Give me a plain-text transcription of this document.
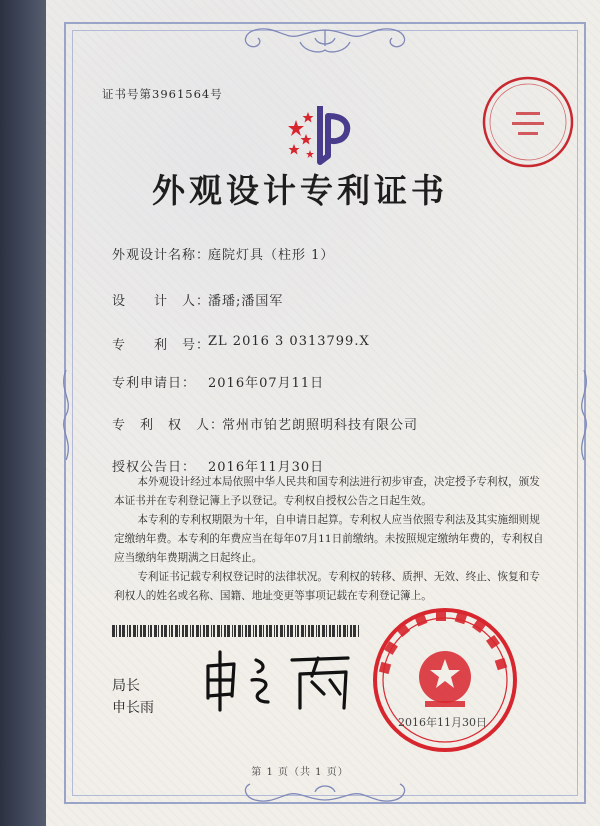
证书号第3961564号
外观设计专利证书
外观设计名称：
庭院灯具（柱形 1）
设　　计　人：
潘璠;潘国军
专　　利　号：
ZL 2016 3 0313799.X
专利申请日： 2016年07月11日
专　利　权　人：
常州市铂艺朗照明科技有限公司
授权公告日： 2016年11月30日

本外观设计经过本局依照中华人民共和国专利法进行初步审查，决定授予专利权，颁发本证书并在专利登记簿上予以登记。专利权自授权公告之日起生效。

本专利的专利权期限为十年，自申请日起算。专利权人应当依照专利法及其实施细则规定缴纳年费。本专利的年费应当在每年07月11日前缴纳。未按照规定缴纳年费的，专利权自应当缴纳年费期满之日起终止。

专利证书记载专利权登记时的法律状况。专利权的转移、质押、无效、终止、恢复和专利权人的姓名或名称、国籍、地址变更等事项记载在专利登记簿上。

局长
申长雨
2016年11月30日
第 1 页（共 1 页）
